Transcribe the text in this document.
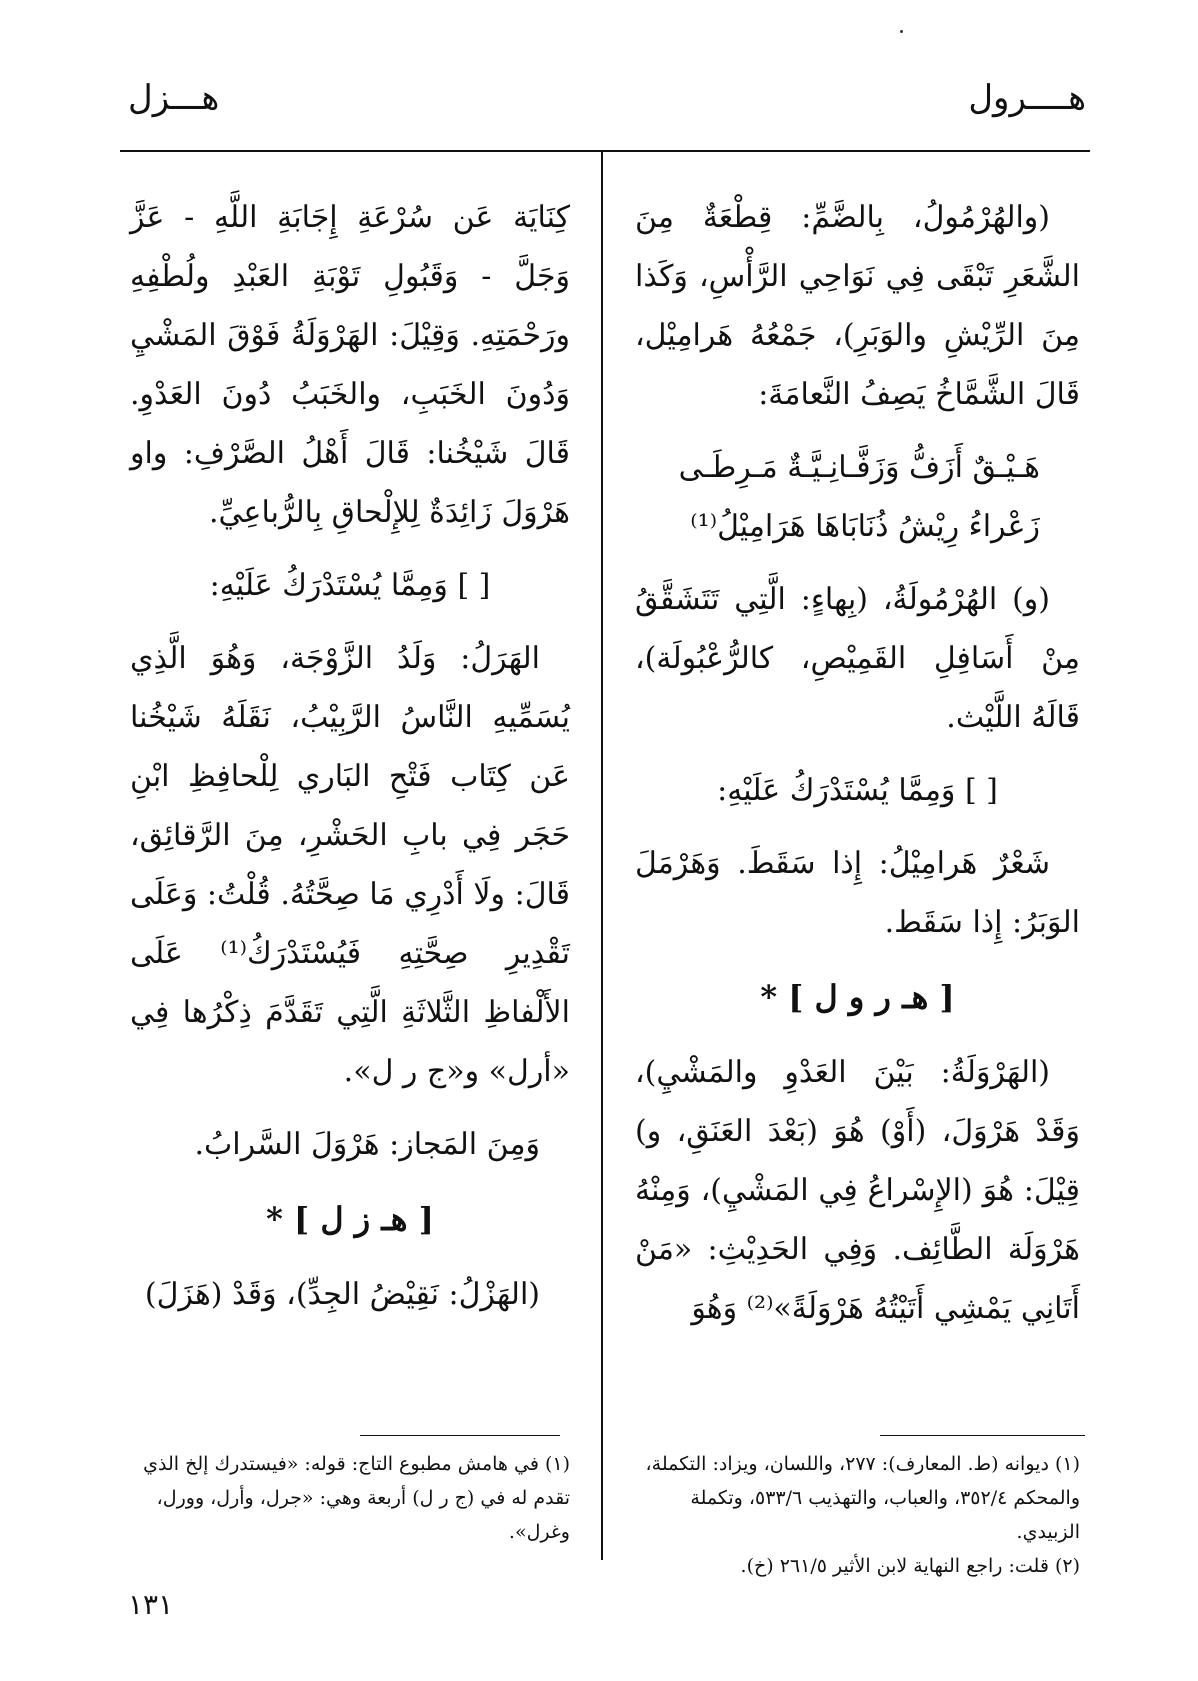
هــــرول
هـــزل

(والهُرْمُولُ، بِالضَّمِّ: قِطْعَةٌ مِنَ الشَّعَرِ تَبْقَى فِي نَوَاحِي الرَّأْسِ، وَكَذا مِنَ الرِّيْشِ والوَبَرِ)، جَمْعُهُ هَرامِيْل، قَالَ الشَّمَّاخُ يَصِفُ النَّعامَةَ:

هَـيْـقٌ أَزَفُّ وَزَفَّـانِـيَّـةٌ مَـرِطَـى

زَعْراءُ رِيْشُ ذُنَابَاهَا هَرَامِيْلُ⁽¹⁾

(و) الهُرْمُولَةُ، (بِهاءٍ: الَّتِي تَتَشَقَّقُ مِنْ أَسَافِلِ القَمِيْصِ، كالرُّعْبُولَة)، قَالَهُ اللَّيْث.

[ ] وَمِمَّا يُسْتَدْرَكُ عَلَيْهِ:

شَعْرٌ هَرامِيْلُ: إِذا سَقَطَ. وَهَرْمَلَ الوَبَرُ: إِذا سَقَط.

[ هـ ر و ل ] *

(الهَرْوَلَةُ: بَيْنَ العَدْوِ والمَشْيِ)، وَقَدْ هَرْوَلَ، (أَوْ) هُوَ (بَعْدَ العَنَقِ، و) قِيْلَ: هُوَ (الإِسْراعُ فِي المَشْيِ)، وَمِنْهُ هَرْوَلَة الطَّائِف. وَفِي الحَدِيْثِ: «مَنْ أَتَانِي يَمْشِي أَتَيْتُهُ هَرْوَلَةً»⁽²⁾ وَهُوَ

كِنَايَة عَن سُرْعَةِ إِجَابَةِ اللَّهِ - عَزَّ وَجَلَّ - وَقَبُولِ تَوْبَةِ العَبْدِ ولُطْفِهِ ورَحْمَتِهِ. وَقِيْلَ: الهَرْوَلَةُ فَوْقَ المَشْيِ وَدُونَ الخَبَبِ، والخَبَبُ دُونَ العَدْوِ. قَالَ شَيْخُنا: قَالَ أَهْلُ الصَّرْفِ: واو هَرْوَلَ زَائِدَةٌ لِلإِلْحاقِ بِالرُّباعِيِّ.

[ ] وَمِمَّا يُسْتَدْرَكُ عَلَيْهِ:

الهَرَلُ: وَلَدُ الزَّوْجَة، وَهُوَ الَّذِي يُسَمِّيهِ النَّاسُ الرَّبِيْبُ، نَقَلَهُ شَيْخُنا عَن كِتَاب فَتْحِ البَاري لِلْحافِظِ ابْنِ حَجَر فِي بابِ الحَشْرِ، مِنَ الرَّقائِق، قَالَ: ولَا أَدْرِي مَا صِحَّتُهُ. قُلْتُ: وَعَلَى تَقْدِيرِ صِحَّتِهِ فَيُسْتَدْرَكُ⁽¹⁾ عَلَى الأَلْفاظِ الثَّلاثَةِ الَّتِي تَقَدَّمَ ذِكْرُها فِي «أرل» و«ج ر ل».

وَمِنَ المَجاز: هَرْوَلَ السَّرابُ.

[ هـ ز ل ] *

(الهَزْلُ: نَقِيْضُ الجِدِّ)، وَقَدْ (هَزَلَ)

(١) ديوانه (ط. المعارف): ٢٧٧، واللسان، ويزاد: التكملة، والمحكم ٣٥٢/٤، والعباب، والتهذيب ٥٣٣/٦، وتكملة الزبيدي.

(٢) قلت: راجع النهاية لابن الأثير ٢٦١/٥ (خ).

(١) في هامش مطبوع التاج: قوله: «فيستدرك إلخ الذي تقدم له في (ج ر ل) أربعة وهي: «جرل، وأرل، وورل، وغرل».

١٣١
